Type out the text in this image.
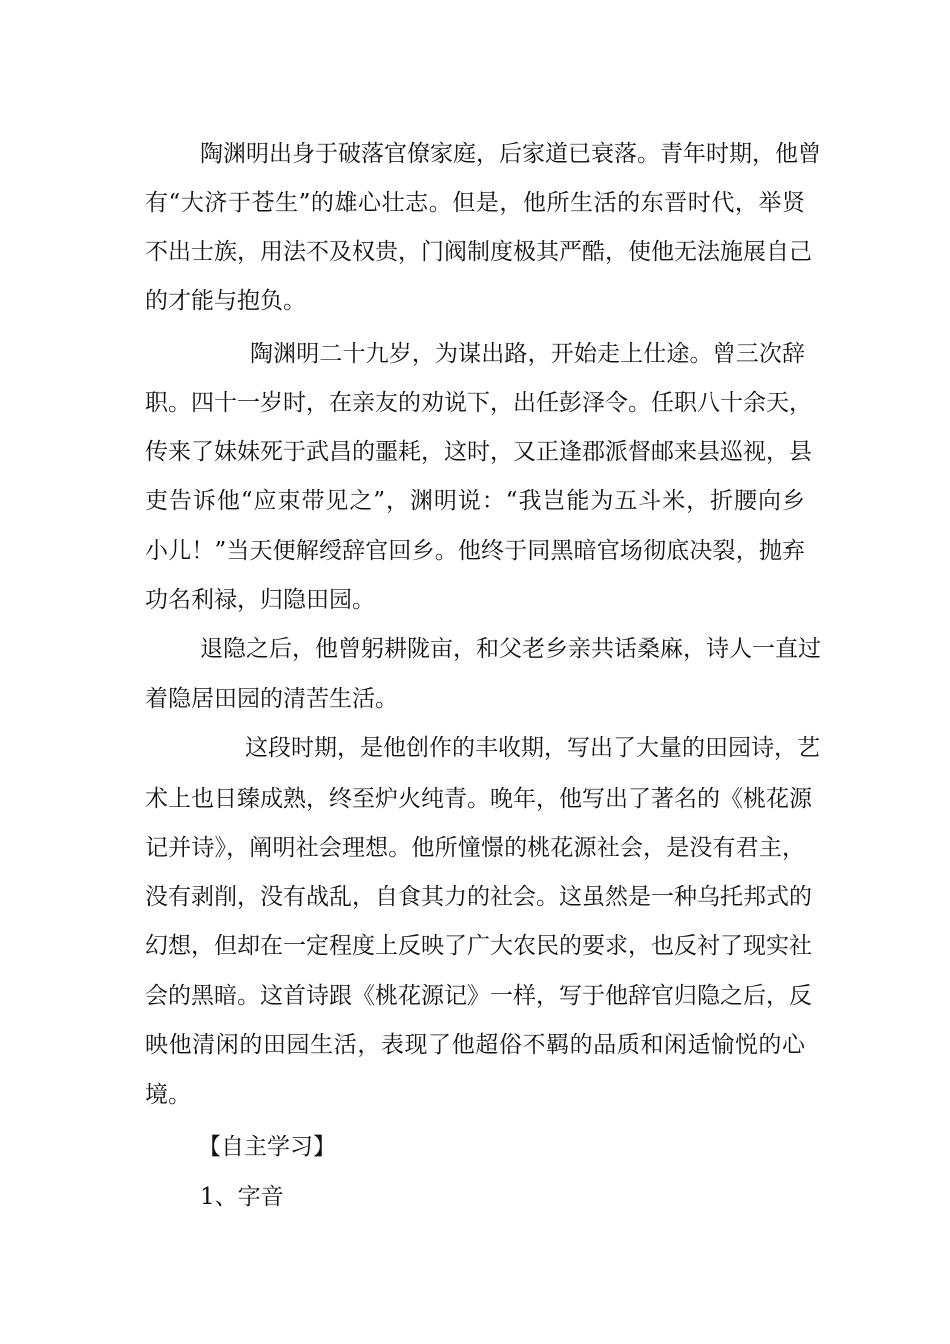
陶渊明出身于破落官僚家庭，后家道已衰落。青年时期，他曾

有“大济于苍生”的雄心壮志。但是，他所生活的东晋时代，举贤

不出士族，用法不及权贵，门阀制度极其严酷，使他无法施展自己

的才能与抱负。

陶渊明二十九岁，为谋出路，开始走上仕途。曾三次辞

职。四十一岁时，在亲友的劝说下，出任彭泽令。任职八十余天，

传来了妹妹死于武昌的噩耗，这时，又正逢郡派督邮来县巡视，县

吏告诉他“应束带见之”，渊明说：“我岂能为五斗米，折腰向乡

小儿！”当天便解绶辞官回乡。他终于同黑暗官场彻底决裂，抛弃

功名利禄，归隐田园。

退隐之后，他曾躬耕陇亩，和父老乡亲共话桑麻，诗人一直过

着隐居田园的清苦生活。

这段时期，是他创作的丰收期，写出了大量的田园诗，艺

术上也日臻成熟，终至炉火纯青。晚年，他写出了著名的《桃花源

记并诗》，阐明社会理想。他所憧憬的桃花源社会，是没有君主，

没有剥削，没有战乱，自食其力的社会。这虽然是一种乌托邦式的

幻想，但却在一定程度上反映了广大农民的要求，也反衬了现实社

会的黑暗。这首诗跟《桃花源记》一样，写于他辞官归隐之后，反

映他清闲的田园生活，表现了他超俗不羁的品质和闲适愉悦的心

境。

【自主学习】

1、字音
